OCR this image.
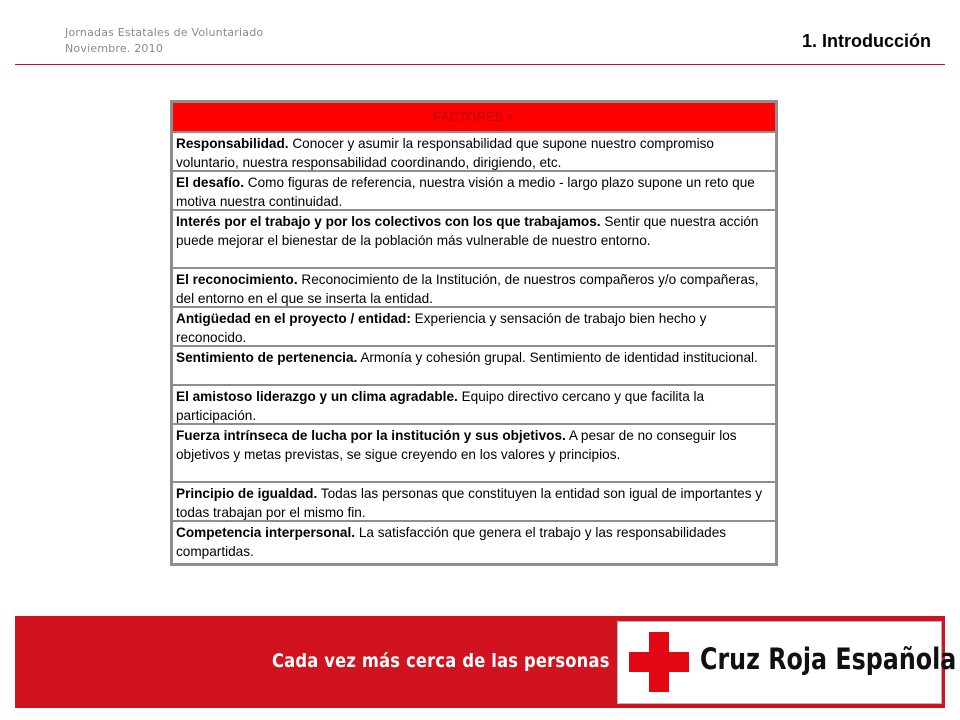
Jornadas Estatales de Voluntariado
Noviembre. 2010	1. Introducción
FACTORES +
Responsabilidad. Conocer y asumir la responsabilidad que supone nuestro compromiso voluntario, nuestra responsabilidad coordinando, dirigiendo, etc.
El desafío. Como figuras de referencia, nuestra visión a medio - largo plazo supone un reto que motiva nuestra continuidad.
Interés por el trabajo y por los colectivos con los que trabajamos. Sentir que nuestra acción puede mejorar el bienestar de la población más vulnerable de nuestro entorno.
El reconocimiento. Reconocimiento de la Institución, de nuestros compañeros y/o compañeras, del entorno en el que se inserta la entidad.
Antigüedad en el proyecto / entidad: Experiencia y sensación de trabajo bien hecho y reconocido.
Sentimiento de pertenencia. Armonía y cohesión grupal. Sentimiento de identidad institucional.
El amistoso liderazgo y un clima agradable. Equipo directivo cercano y que facilita la participación.
Fuerza intrínseca de lucha por la institución y sus objetivos. A pesar de no conseguir los objetivos y metas previstas, se sigue creyendo en los valores y principios.
Principio de igualdad. Todas las personas que constituyen la entidad son igual de importantes y todas trabajan por el mismo fin.
Competencia interpersonal. La satisfacción que genera el trabajo y las responsabilidades compartidas.
Cada vez más cerca de las personas	Cruz Roja Española
